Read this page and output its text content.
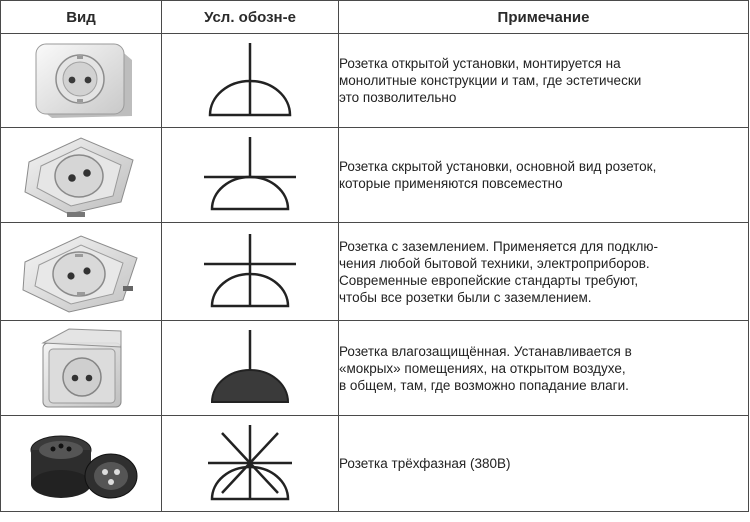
Вид	Усл. обозн-е	Примечание

Розетка открытой установки, монтируется на
монолитные конструкции и там, где эстетически
это позволительно

Розетка скрытой установки, основной вид розеток,
которые применяются повсеместно

Розетка с заземлением. Применяется для подклю-
чения любой бытовой техники, электроприборов.
Современные европейские стандарты требуют,
чтобы все розетки были с заземлением.

Розетка влагозащищённая. Устанавливается в
«мокрых» помещениях, на открытом воздухе,
в общем, там, где возможно попадание влаги.

Розетка трёхфазная (380В)
